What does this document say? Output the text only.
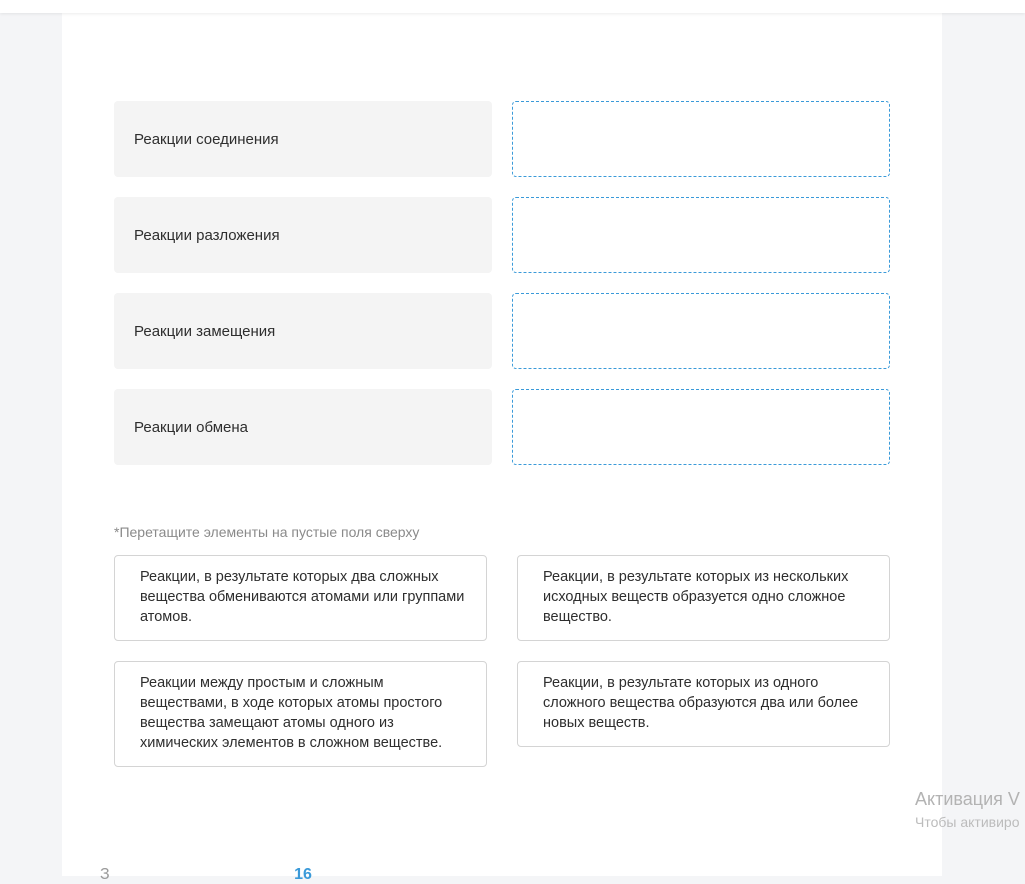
Реакции соединения
Реакции разложения
Реакции замещения
Реакции обмена
*Перетащите элементы на пустые поля сверху
Реакции, в результате которых два сложных вещества обмениваются атомами или группами атомов.
Реакции, в результате которых из нескольких исходных веществ образуется одно сложное вещество.
Реакции между простым и сложным веществами, в ходе которых атомы простого вещества замещают атомы одного из химических элементов в сложном веществе.
Реакции, в результате которых из одного сложного вещества образуются два или более новых веществ.
Активация V
Чтобы активиро
З	16
